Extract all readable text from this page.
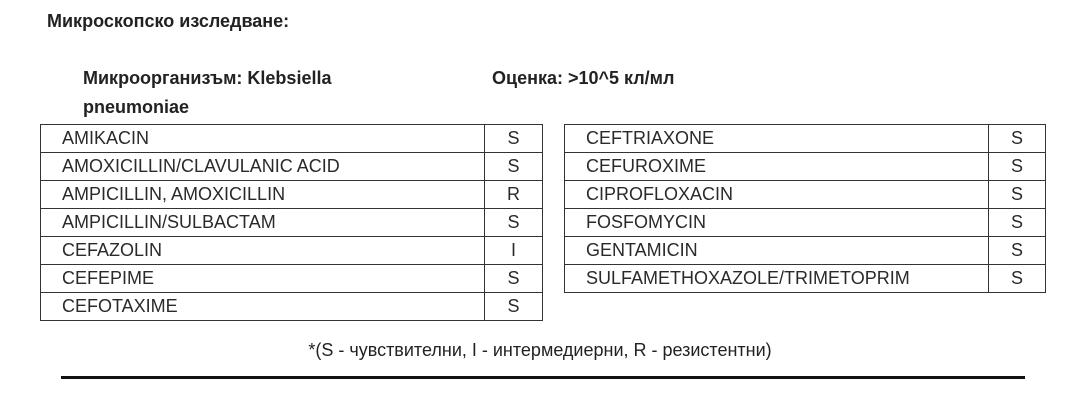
Микроскопско изследване:
Микроорганизъм: Klebsiella
pneumoniae
Оценка: >10^5 кл/мл
AMIKACIN	S
AMOXICILLIN/CLAVULANIC ACID	S
AMPICILLIN, AMOXICILLIN	R
AMPICILLIN/SULBACTAM	S
CEFAZOLIN	I
CEFEPIME	S
CEFOTAXIME	S
CEFTRIAXONE	S
CEFUROXIME	S
CIPROFLOXACIN	S
FOSFOMYCIN	S
GENTAMICIN	S
SULFAMETHOXAZOLE/TRIMETOPRIM	S
*(S - чувствителни, I - интермедиерни, R - резистентни)
